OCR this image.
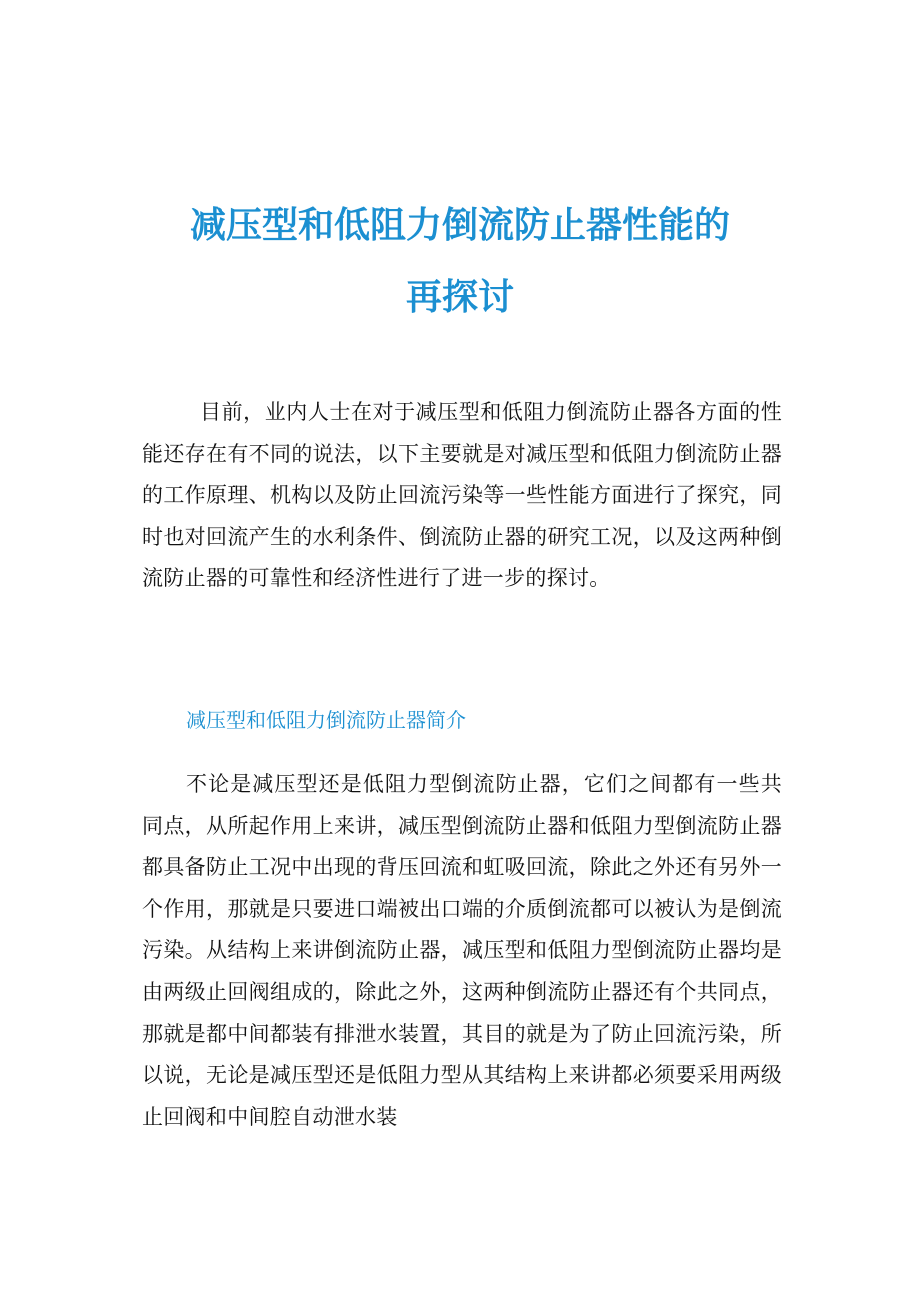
减压型和低阻力倒流防止器性能的
再探讨

目前，业内人士在对于减压型和低阻力倒流防止器各方面的性能还存在有不同的说法，以下主要就是对减压型和低阻力倒流防止器的工作原理、机构以及防止回流污染等一些性能方面进行了探究，同时也对回流产生的水利条件、倒流防止器的研究工况，以及这两种倒流防止器的可靠性和经济性进行了进一步的探讨。

减压型和低阻力倒流防止器简介

不论是减压型还是低阻力型倒流防止器，它们之间都有一些共同点，从所起作用上来讲，减压型倒流防止器和低阻力型倒流防止器都具备防止工况中出现的背压回流和虹吸回流，除此之外还有另外一个作用，那就是只要进口端被出口端的介质倒流都可以被认为是倒流污染。从结构上来讲倒流防止器，减压型和低阻力型倒流防止器均是由两级止回阀组成的，除此之外，这两种倒流防止器还有个共同点，那就是都中间都装有排泄水装置，其目的就是为了防止回流污染，所以说，无论是减压型还是低阻力型从其结构上来讲都必须要采用两级止回阀和中间腔自动泄水装
